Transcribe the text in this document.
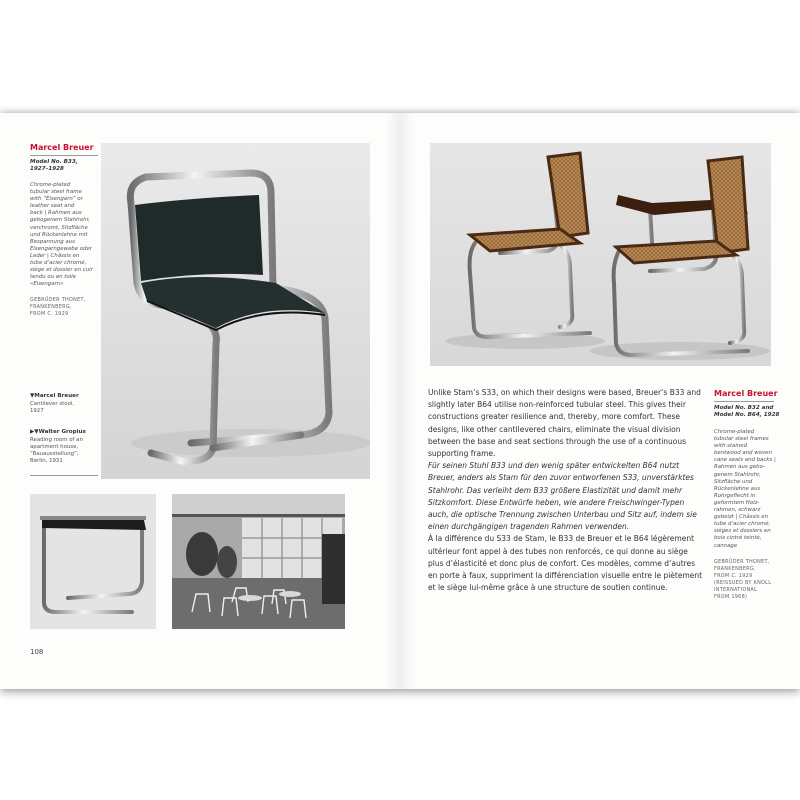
Marcel Breuer
Model No. B33,
1927–1928
Chrome-plated
tubular steel frame
with “Eisengarn” or
leather seat and
back | Rahmen aus
gebogenem Stahlrohr,
verchromt, Sitzfläche
und Rückenlehne mit
Bespannung aus
Eisengarngewebe oder
Leder | Châssis en
tube d’acier chromé,
siège et dossier en cuir
tendu ou en toile
«Eisengarn»
GEBRÜDER THONET,
FRANKENBERG,
FROM C. 1929
▼Marcel Breuer
Cantilever stool,
1927
▶▼Walter Gropius
Reading room of an
apartment house,
“Bauausstellung”,
Berlin, 1931
108

Unlike Stam’s S33, on which their designs were based, Breuer’s B33 and slightly later B64 utilise non-reinforced tubular steel. This gives their constructions greater resilience and, thereby, more comfort. These designs, like other cantilevered chairs, eliminate the visual division between the base and seat sections through the use of a continuous supporting frame.

Für seinen Stuhl B33 und den wenig später entwickelten B64 nutzt Breuer, anders als Stam für den zuvor entworfenen S33, unverstärktes Stahlrohr. Das verleiht dem B33 größere Elastizität und damit mehr Sitzkomfort. Diese Entwürfe heben, wie andere Freischwinger-Typen auch, die optische Trennung zwischen Unterbau und Sitz auf, indem sie einen durchgängigen tragenden Rahmen verwenden.

À la différence du S33 de Stam, le B33 de Breuer et le B64 légèrement ultérieur font appel à des tubes non renforcés, ce qui donne au siège plus d’élasticité et donc plus de confort. Ces modèles, comme d’autres en porte à faux, suppriment la différenciation visuelle entre le piètement et le siège lui-même grâce à une structure de soutien continue.

Marcel Breuer
Model No. B32 and
Model No. B64, 1928
Chrome-plated
tubular steel frames
with stained
bentwood and woven
cane seats and backs |
Rahmen aus gebo-
genem Stahlrohr,
Sitzfläche und
Rückenlehne aus
Rohrgeflecht in
geformtem Holz-
rahmen, schwarz
gebeizt | Châssis en
tube d’acier chromé,
sièges et dossiers en
bois cintré teinté,
cannage
GEBRÜDER THONET,
FRANKENBERG,
FROM C. 1929
(REISSUED BY KNOLL
INTERNATIONAL
FROM 1968)
